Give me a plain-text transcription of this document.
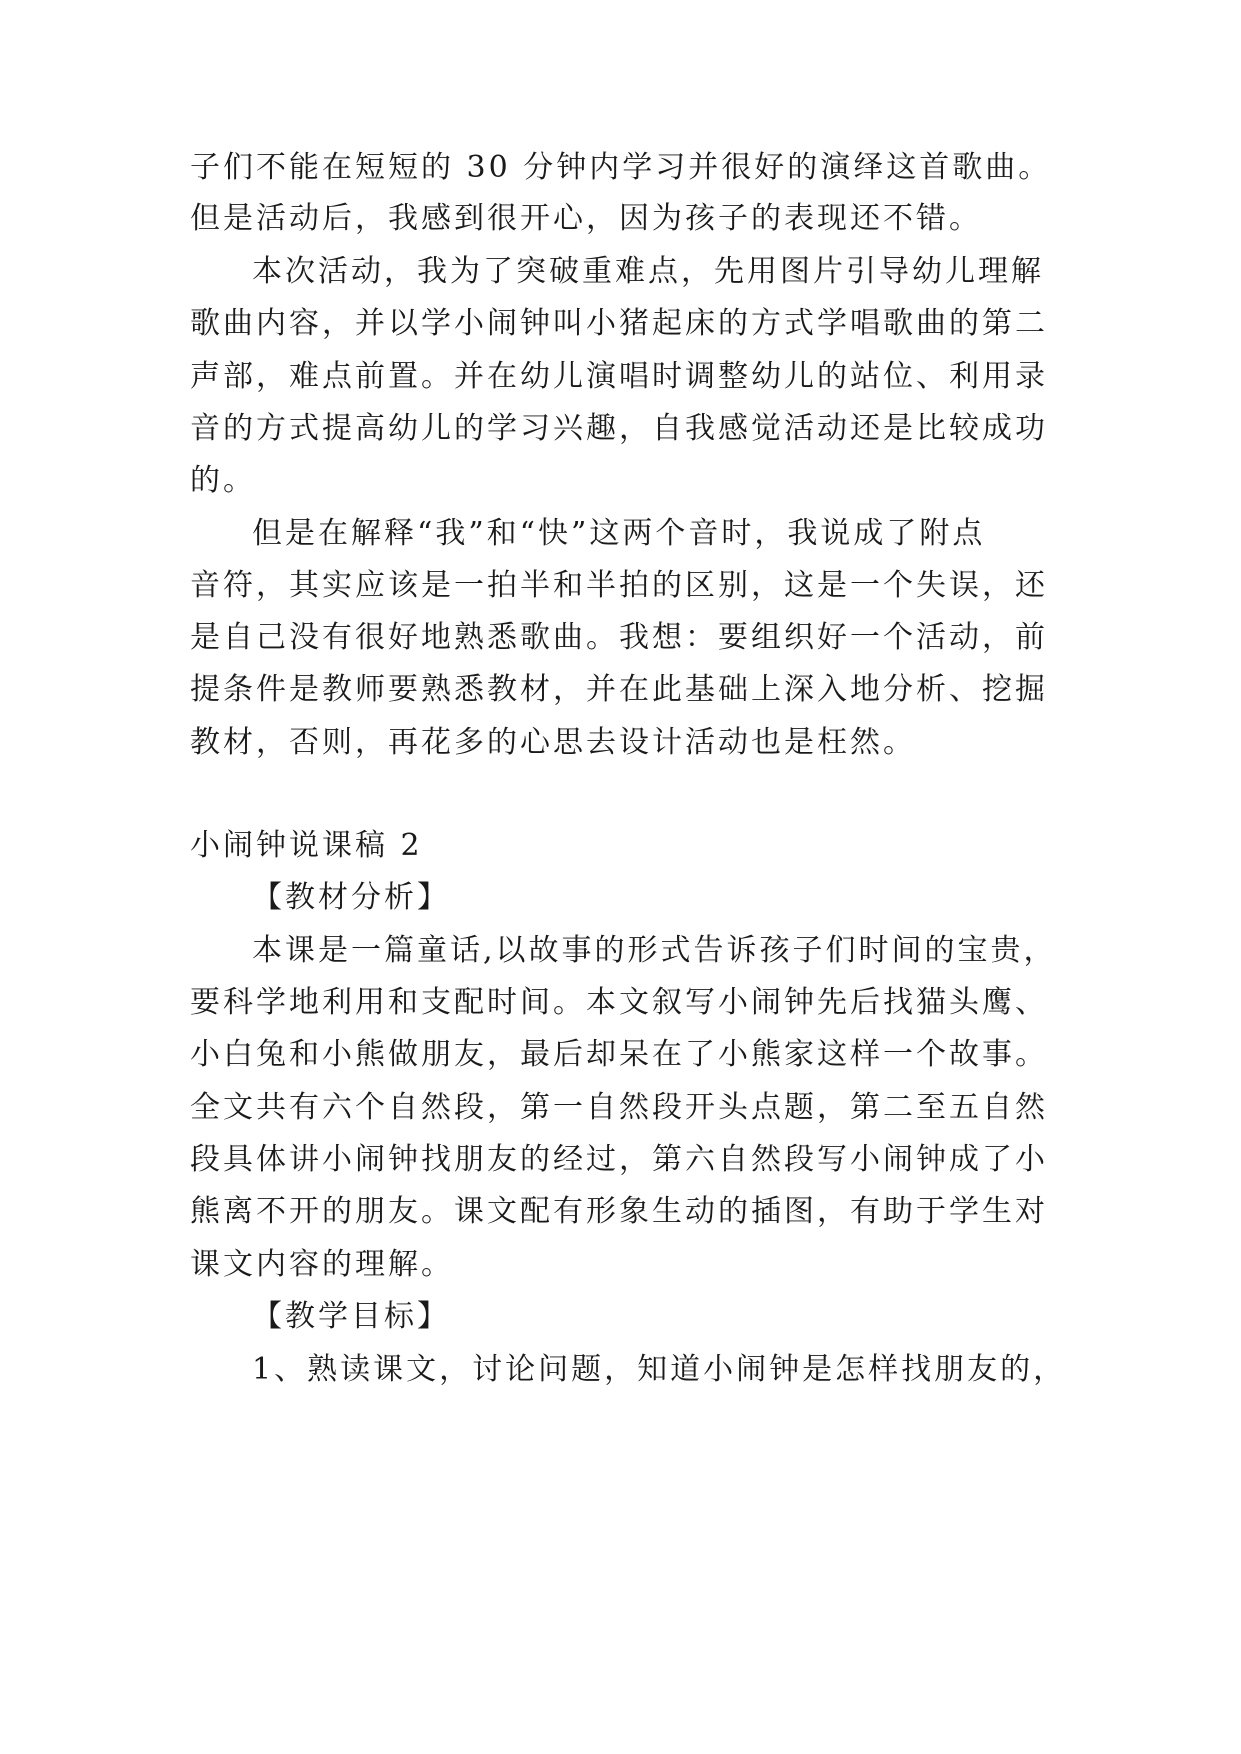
子们不能在短短的 30 分钟内学习并很好的演绎这首歌曲。

但是活动后，我感到很开心，因为孩子的表现还不错。

本次活动，我为了突破重难点，先用图片引导幼儿理解

歌曲内容，并以学小闹钟叫小猪起床的方式学唱歌曲的第二

声部，难点前置。并在幼儿演唱时调整幼儿的站位、利用录

音的方式提高幼儿的学习兴趣，自我感觉活动还是比较成功

的。

但是在解释“我”和“快”这两个音时，我说成了附点

音符，其实应该是一拍半和半拍的区别，这是一个失误，还

是自己没有很好地熟悉歌曲。我想：要组织好一个活动，前

提条件是教师要熟悉教材，并在此基础上深入地分析、挖掘

教材，否则，再花多的心思去设计活动也是枉然。

小闹钟说课稿 2

【教材分析】

本课是一篇童话,以故事的形式告诉孩子们时间的宝贵，

要科学地利用和支配时间。本文叙写小闹钟先后找猫头鹰、

小白兔和小熊做朋友，最后却呆在了小熊家这样一个故事。

全文共有六个自然段，第一自然段开头点题，第二至五自然

段具体讲小闹钟找朋友的经过，第六自然段写小闹钟成了小

熊离不开的朋友。课文配有形象生动的插图，有助于学生对

课文内容的理解。

【教学目标】

1、熟读课文，讨论问题，知道小闹钟是怎样找朋友的，
